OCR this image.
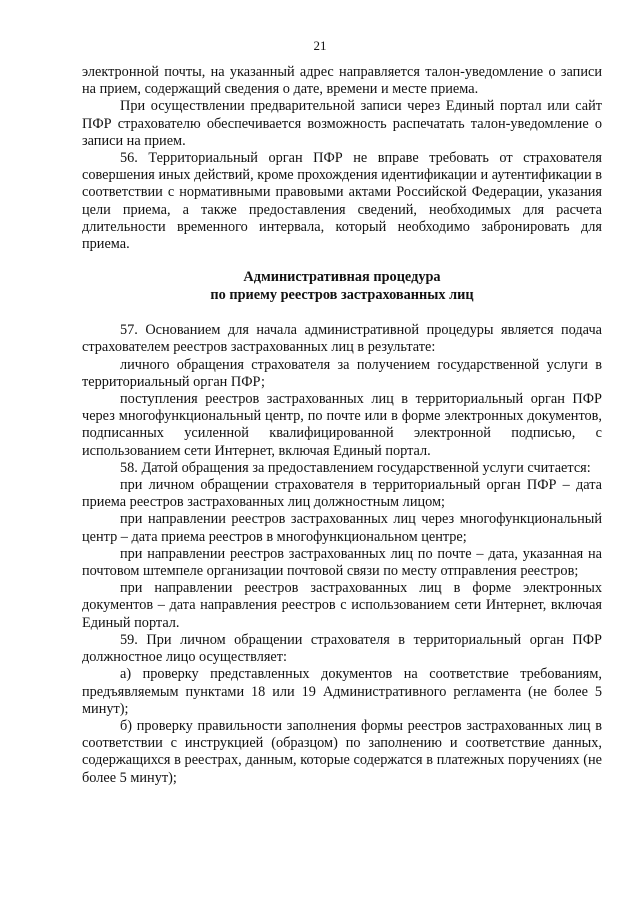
21

электронной почты, на указанный адрес направляется талон-уведомление о записи на прием, содержащий сведения о дате, времени и месте приема.

При осуществлении предварительной записи через Единый портал или сайт ПФР страхователю обеспечивается возможность распечатать талон-уведомление о записи на прием.

56. Территориальный орган ПФР не вправе требовать от страхователя совершения иных действий, кроме прохождения идентификации и аутентификации в соответствии с нормативными правовыми актами Российской Федерации, указания цели приема, а также предоставления сведений, необходимых для расчета длительности временного интервала, который необходимо забронировать для приема.

Административная процедура
по приему реестров застрахованных лиц

57. Основанием для начала административной процедуры является подача страхователем реестров застрахованных лиц в результате:

личного обращения страхователя за получением государственной услуги в территориальный орган ПФР;

поступления реестров застрахованных лиц в территориальный орган ПФР через многофункциональный центр, по почте или в форме электронных документов, подписанных усиленной квалифицированной электронной подписью, с использованием сети Интернет, включая Единый портал.

58. Датой обращения за предоставлением государственной услуги считается:

при личном обращении страхователя в территориальный орган ПФР – дата приема реестров застрахованных лиц должностным лицом;

при направлении реестров застрахованных лиц через многофункциональный центр – дата приема реестров в многофункциональном центре;

при направлении реестров застрахованных лиц по почте – дата, указанная на почтовом штемпеле организации почтовой связи по месту отправления реестров;

при направлении реестров застрахованных лиц в форме электронных документов – дата направления реестров с использованием сети Интернет, включая Единый портал.

59. При личном обращении страхователя в территориальный орган ПФР должностное лицо осуществляет:

а) проверку представленных документов на соответствие требованиям, предъявляемым пунктами 18 или 19 Административного регламента (не более 5 минут);

б) проверку правильности заполнения формы реестров застрахованных лиц в соответствии с инструкцией (образцом) по заполнению и соответствие данных, содержащихся в реестрах, данным, которые содержатся в платежных поручениях (не более 5 минут);
